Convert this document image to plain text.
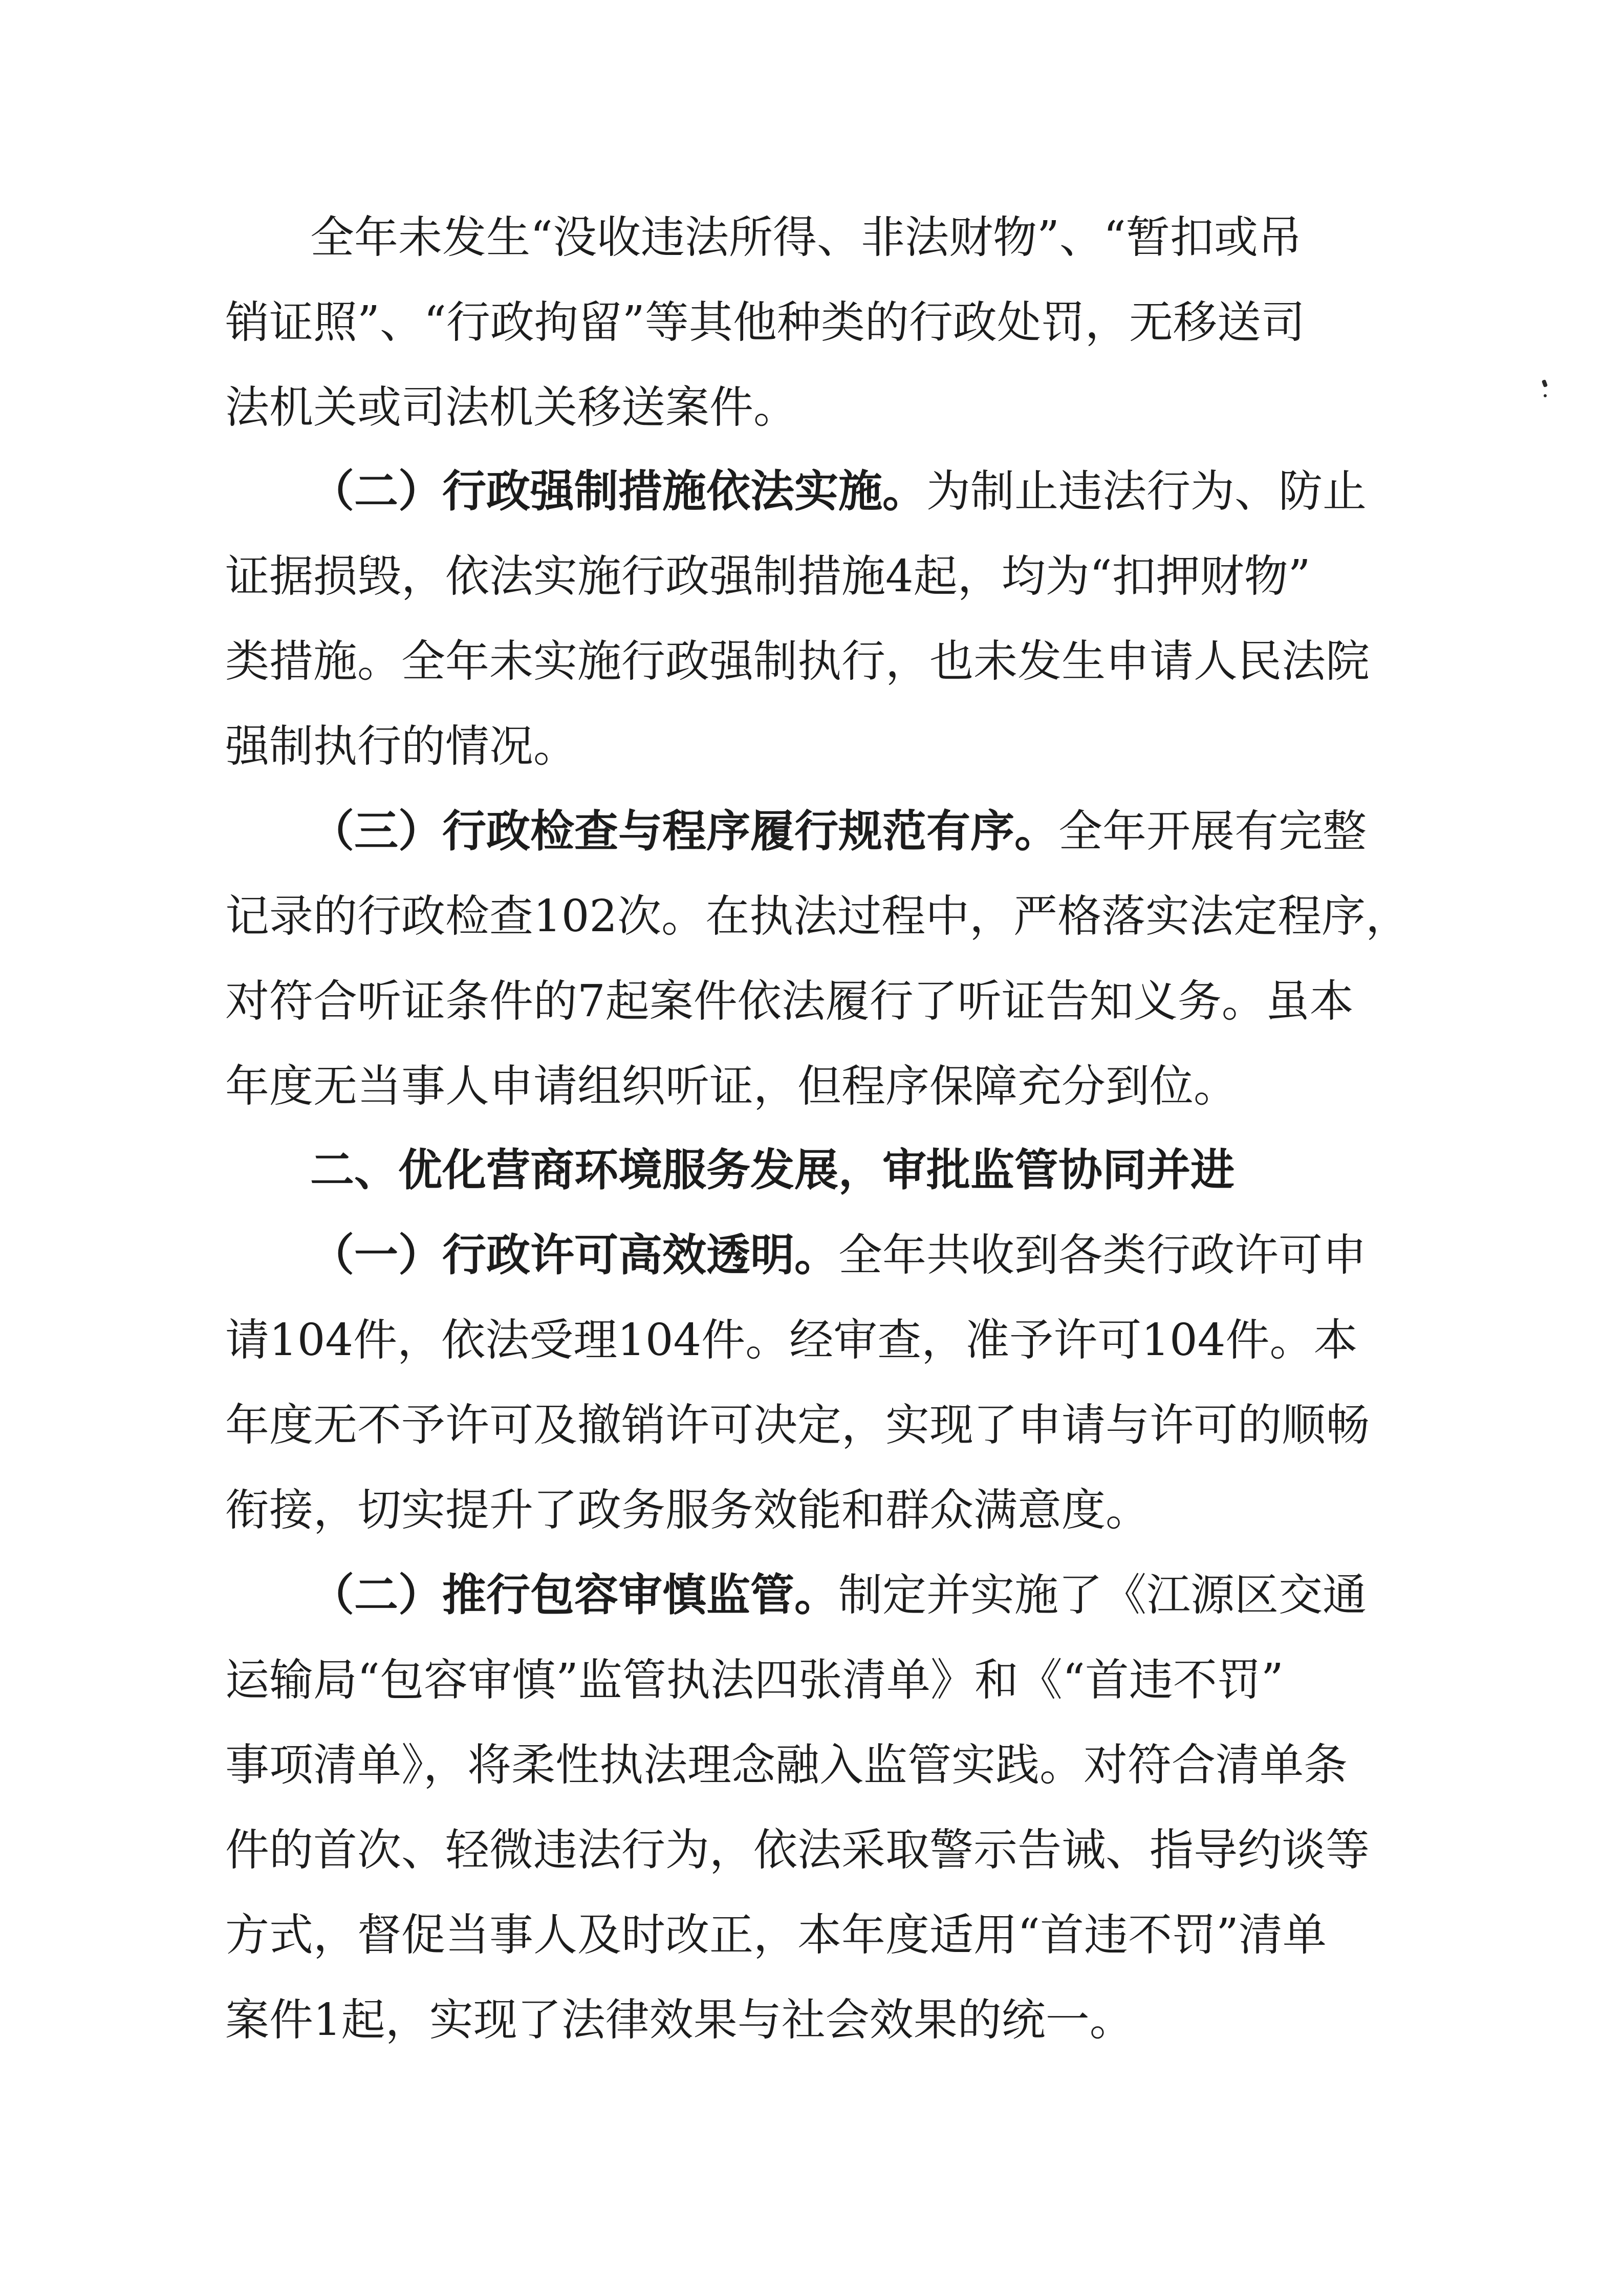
全年未发生“没收违法所得、非法财物”、“暂扣或吊

销证照”、“行政拘留”等其他种类的行政处罚，无移送司

法机关或司法机关移送案件。

（二）行政强制措施依法实施。为制止违法行为、防止

证据损毁，依法实施行政强制措施4起，均为“扣押财物”

类措施。全年未实施行政强制执行，也未发生申请人民法院

强制执行的情况。

（三）行政检查与程序履行规范有序。全年开展有完整

记录的行政检查102次。在执法过程中，严格落实法定程序，

对符合听证条件的7起案件依法履行了听证告知义务。虽本

年度无当事人申请组织听证，但程序保障充分到位。

二、优化营商环境服务发展，审批监管协同并进

（一）行政许可高效透明。全年共收到各类行政许可申

请104件，依法受理104件。经审查，准予许可104件。本

年度无不予许可及撤销许可决定，实现了申请与许可的顺畅

衔接，切实提升了政务服务效能和群众满意度。

（二）推行包容审慎监管。制定并实施了《江源区交通

运输局“包容审慎”监管执法四张清单》和《“首违不罚”

事项清单》，将柔性执法理念融入监管实践。对符合清单条

件的首次、轻微违法行为，依法采取警示告诫、指导约谈等

方式，督促当事人及时改正，本年度适用“首违不罚”清单

案件1起，实现了法律效果与社会效果的统一。
